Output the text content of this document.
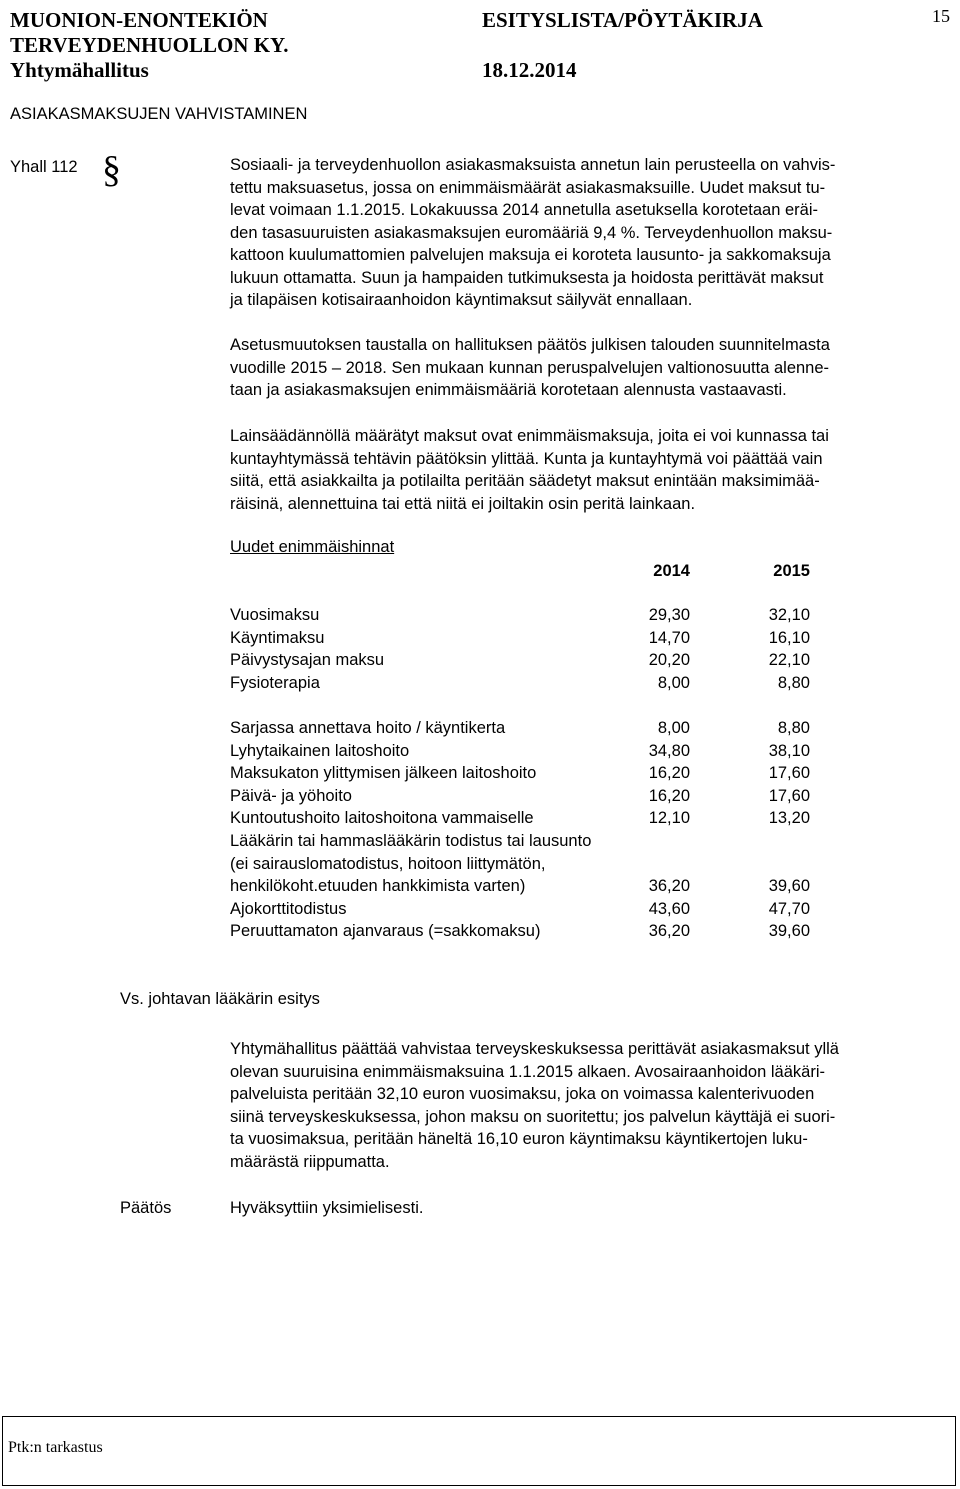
MUONION-ENONTEKIÖN
TERVEYDENHUOLLON KY.
Yhtymähallitus
ESITYSLISTA/PÖYTÄKIRJA
18.12.2014
15
ASIAKASMAKSUJEN VAHVISTAMINEN
Yhall 112 §	Sosiaali- ja terveydenhuollon asiakasmaksuista annetun lain perusteella on vahvis-
tettu maksuasetus, jossa on enimmäismäärät asiakasmaksuille. Uudet maksut tu-
levat voimaan 1.1.2015. Lokakuussa 2014 annetulla asetuksella korotetaan eräi-
den tasasuuruisten asiakasmaksujen euromääriä 9,4 %. Terveydenhuollon maksu-
kattoon kuulumattomien palvelujen maksuja ei koroteta lausunto- ja sakkomaksuja
lukuun ottamatta. Suun ja hampaiden tutkimuksesta ja hoidosta perittävät maksut
ja tilapäisen kotisairaanhoidon käyntimaksut säilyvät ennallaan.
Asetusmuutoksen taustalla on hallituksen päätös julkisen talouden suunnitelmasta
vuodille 2015 – 2018. Sen mukaan kunnan peruspalvelujen valtionosuutta alenne-
taan ja asiakasmaksujen enimmäismääriä korotetaan alennusta vastaavasti.
Lainsäädännöllä määrätyt maksut ovat enimmäismaksuja, joita ei voi kunnassa tai
kuntayhtymässä tehtävin päätöksin ylittää. Kunta ja kuntayhtymä voi päättää vain
siitä, että asiakkailta ja potilailta peritään säädetyt maksut enintään maksimimää-
räisinä, alennettuina tai että niitä ei joiltakin osin peritä lainkaan.
Uudet enimmäishinnat
2014	2015
Vuosimaksu	29,30	32,10
Käyntimaksu	14,70	16,10
Päivystysajan maksu	20,20	22,10
Fysioterapia	8,00	8,80
Sarjassa annettava hoito / käyntikerta	8,00	8,80
Lyhytaikainen laitoshoito	34,80	38,10
Maksukaton ylittymisen jälkeen laitoshoito	16,20	17,60
Päivä- ja yöhoito	16,20	17,60
Kuntoutushoito laitoshoitona vammaiselle	12,10	13,20
Lääkärin tai hammaslääkärin todistus tai lausunto
(ei sairauslomatodistus, hoitoon liittymätön,
henkilökoht.etuuden hankkimista varten)	36,20	39,60
Ajokorttitodistus	43,60	47,70
Peruuttamaton ajanvaraus (=sakkomaksu)	36,20	39,60
Vs. johtavan lääkärin esitys
Yhtymähallitus päättää vahvistaa terveyskeskuksessa perittävät asiakasmaksut yllä
olevan suuruisina enimmäismaksuina 1.1.2015 alkaen. Avosairaanhoidon lääkäri-
palveluista peritään 32,10 euron vuosimaksu, joka on voimassa kalenterivuoden
siinä terveyskeskuksessa, johon maksu on suoritettu; jos palvelun käyttäjä ei suori-
ta vuosimaksua, peritään häneltä 16,10 euron käyntimaksu käyntikertojen luku-
määrästä riippumatta.
Päätös	Hyväksyttiin yksimielisesti.
Ptk:n tarkastus
